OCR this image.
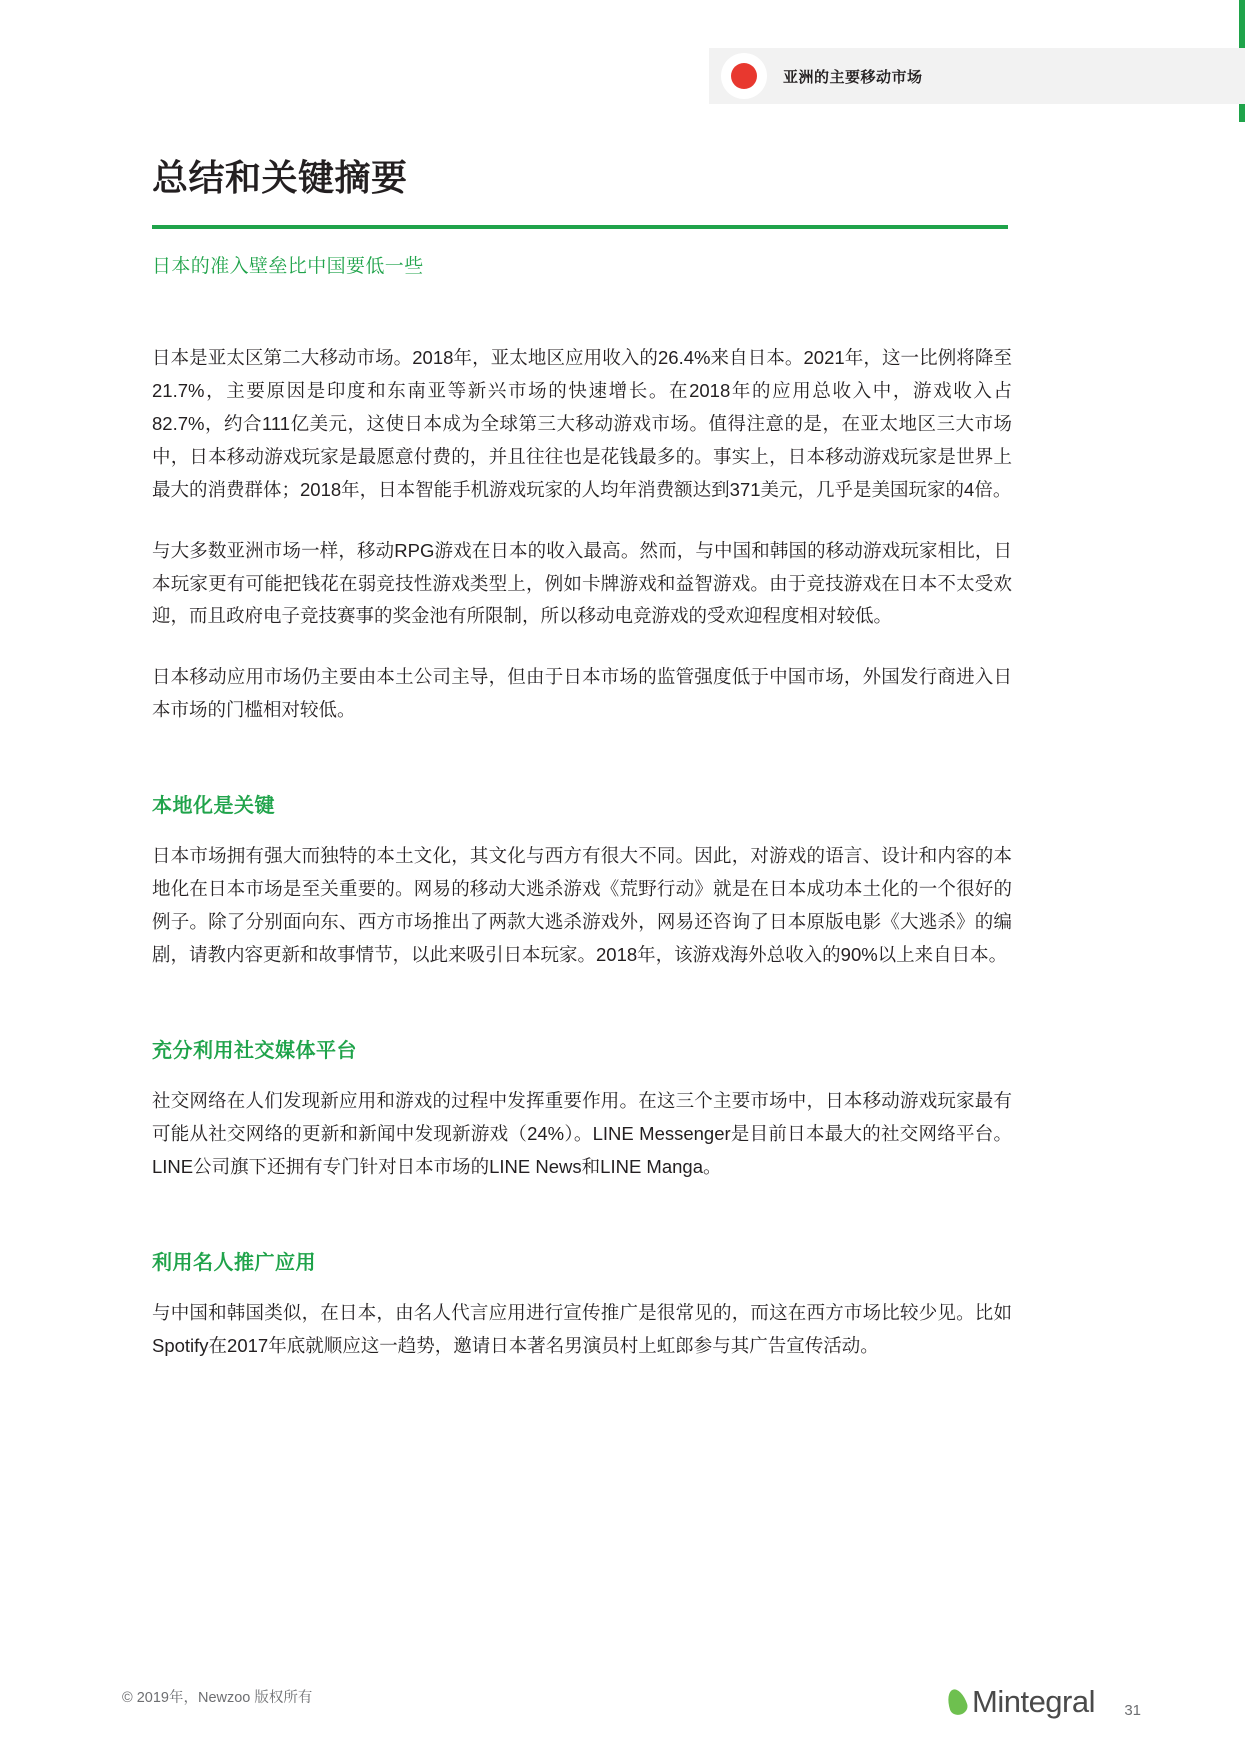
亚洲的主要移动市场
总结和关键摘要
日本的准入壁垒比中国要低一些

日本是亚太区第二大移动市场。2018年，亚太地区应用收入的26.4%来自日本。2021年，这一比例将降至21.7%，主要原因是印度和东南亚等新兴市场的快速增长。在2018年的应用总收入中，游戏收入占82.7%，约合111亿美元，这使日本成为全球第三大移动游戏市场。值得注意的是，在亚太地区三大市场中，日本移动游戏玩家是最愿意付费的，并且往往也是花钱最多的。事实上，日本移动游戏玩家是世界上最大的消费群体；2018年，日本智能手机游戏玩家的人均年消费额达到371美元，几乎是美国玩家的4倍。

与大多数亚洲市场一样，移动RPG游戏在日本的收入最高。然而，与中国和韩国的移动游戏玩家相比，日本玩家更有可能把钱花在弱竞技性游戏类型上，例如卡牌游戏和益智游戏。由于竞技游戏在日本不太受欢迎，而且政府电子竞技赛事的奖金池有所限制，所以移动电竞游戏的受欢迎程度相对较低。

日本移动应用市场仍主要由本土公司主导，但由于日本市场的监管强度低于中国市场，外国发行商进入日本市场的门槛相对较低。

本地化是关键

日本市场拥有强大而独特的本土文化，其文化与西方有很大不同。因此，对游戏的语言、设计和内容的本地化在日本市场是至关重要的。网易的移动大逃杀游戏《荒野行动》就是在日本成功本土化的一个很好的例子。除了分别面向东、西方市场推出了两款大逃杀游戏外，网易还咨询了日本原版电影《大逃杀》的编剧，请教内容更新和故事情节，以此来吸引日本玩家。2018年，该游戏海外总收入的90%以上来自日本。

充分利用社交媒体平台

社交网络在人们发现新应用和游戏的过程中发挥重要作用。在这三个主要市场中，日本移动游戏玩家最有可能从社交网络的更新和新闻中发现新游戏（24%）。LINE Messenger是目前日本最大的社交网络平台。LINE公司旗下还拥有专门针对日本市场的LINE News和LINE Manga。

利用名人推广应用

与中国和韩国类似，在日本，由名人代言应用进行宣传推广是很常见的，而这在西方市场比较少见。比如Spotify在2017年底就顺应这一趋势，邀请日本著名男演员村上虹郎参与其广告宣传活动。

© 2019年，Newzoo 版权所有	Mintegral 31
